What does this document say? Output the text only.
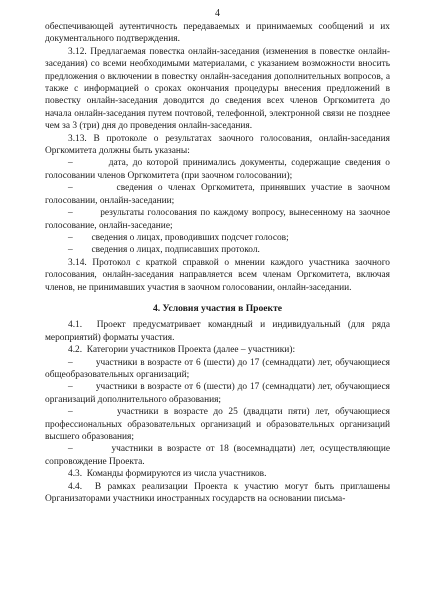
4

обеспечивающей аутентичность передаваемых и принимаемых сообщений и их документального подтверждения.

3.12. Предлагаемая повестка онлайн-заседания (изменения в повестке онлайн-заседания) со всеми необходимыми материалами, с указанием возможности вносить предложения о включении в повестку онлайн-заседания дополнительных вопросов, а также с информацией о сроках окончания процедуры внесения предложений в повестку онлайн-заседания доводится до сведения всех членов Оргкомитета до начала онлайн-заседания путем почтовой, телефонной, электронной связи не позднее чем за 3 (три) дня до проведения онлайн-заседания.

3.13. В протоколе о результатах заочного голосования, онлайн-заседания Оргкомитета должны быть указаны:

–        дата, до которой принимались документы, содержащие сведения о голосовании членов Оргкомитета (при заочном голосовании);

–        сведения о членах Оргкомитета, принявших участие в заочном голосовании, онлайн-заседании;

–        результаты голосования по каждому вопросу, вынесенному на заочное голосование, онлайн-заседание;

–        сведения о лицах, проводивших подсчет голосов;

–        сведения о лицах, подписавших протокол.

3.14. Протокол с краткой справкой о мнении каждого участника заочного голосования, онлайн-заседания направляется всем членам Оргкомитета, включая членов, не принимавших участия в заочном голосовании, онлайн-заседании.

4. Условия участия в Проекте

4.1.  Проект предусматривает командный и индивидуальный (для ряда мероприятий) форматы участия.

4.2.  Категории участников Проекта (далее – участники):

–        участники в возрасте от 6 (шести) до 17 (семнадцати) лет, обучающиеся общеобразовательных организаций;

–        участники в возрасте от 6 (шести) до 17 (семнадцати) лет, обучающиеся организаций дополнительного образования;

–        участники в возрасте до 25 (двадцати пяти) лет, обучающиеся профессиональных образовательных организаций и образовательных организаций высшего образования;

–        участники в возрасте от 18 (восемнадцати) лет, осуществляющие сопровождение Проекта.

4.3.  Команды формируются из числа участников.

4.4.  В рамках реализации Проекта к участию могут быть приглашены Организаторами участники иностранных государств на основании письма-
